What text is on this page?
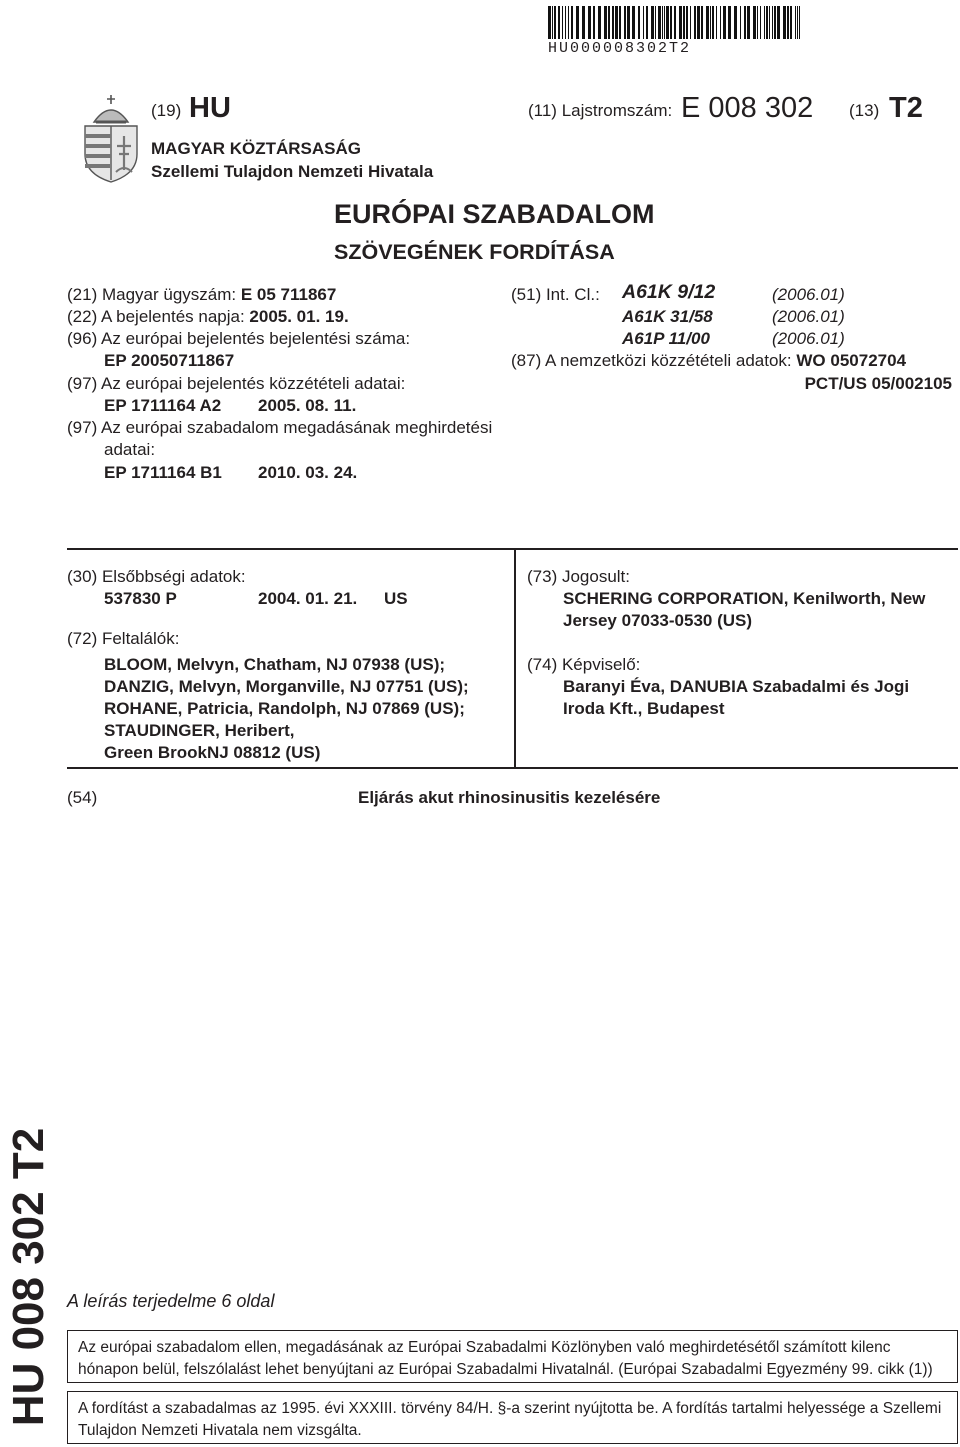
HU000008302T2
(19) HU	(11) Lajstromszám: E 008 302 (13) T2
MAGYAR KÖZTÁRSASÁG
Szellemi Tulajdon Nemzeti Hivatala
EURÓPAI SZABADALOM
SZÖVEGÉNEK FORDÍTÁSA
(21) Magyar ügyszám: E 05 711867
(22) A bejelentés napja: 2005. 01. 19.
(96) Az európai bejelentés bejelentési száma:
EP 20050711867
(97) Az európai bejelentés közzétételi adatai:
EP 1711164 A2 2005. 08. 11.
(97) Az európai szabadalom megadásának meghirdetési
adatai:
EP 1711164 B1 2010. 03. 24.
(51) Int. Cl.: A61K 9/12	(2006.01)
A61K 31/58	(2006.01)
A61P 11/00	(2006.01)
(87) A nemzetközi közzétételi adatok: WO 05072704
PCT/US 05/002105
(30) Elsőbbségi adatok:
537830 P	2004. 01. 21. US
(72) Feltalálók:
BLOOM, Melvyn, Chatham, NJ 07938 (US);
DANZIG, Melvyn, Morganville, NJ 07751 (US);
ROHANE, Patricia, Randolph, NJ 07869 (US);
STAUDINGER, Heribert,
Green BrookNJ 08812 (US)
(73) Jogosult:
SCHERING CORPORATION, Kenilworth, New
Jersey 07033-0530 (US)
(74) Képviselő:
Baranyi Éva, DANUBIA Szabadalmi és Jogi
Iroda Kft., Budapest
(54)	Eljárás akut rhinosinusitis kezelésére
HU 008 302 T2 A leírás terjedelme 6 oldal
Az európai szabadalom ellen, megadásának az Európai Szabadalmi Közlönyben való meghirdetésétől számított kilenc hónapon belül, felszólalást lehet benyújtani az Európai Szabadalmi Hivatalnál. (Európai Szabadalmi Egyezmény 99. cikk (1))
A fordítást a szabadalmas az 1995. évi XXXIII. törvény 84/H. §-a szerint nyújtotta be. A fordítás tartalmi helyessége a Szellemi Tulajdon Nemzeti Hivatala nem vizsgálta.
